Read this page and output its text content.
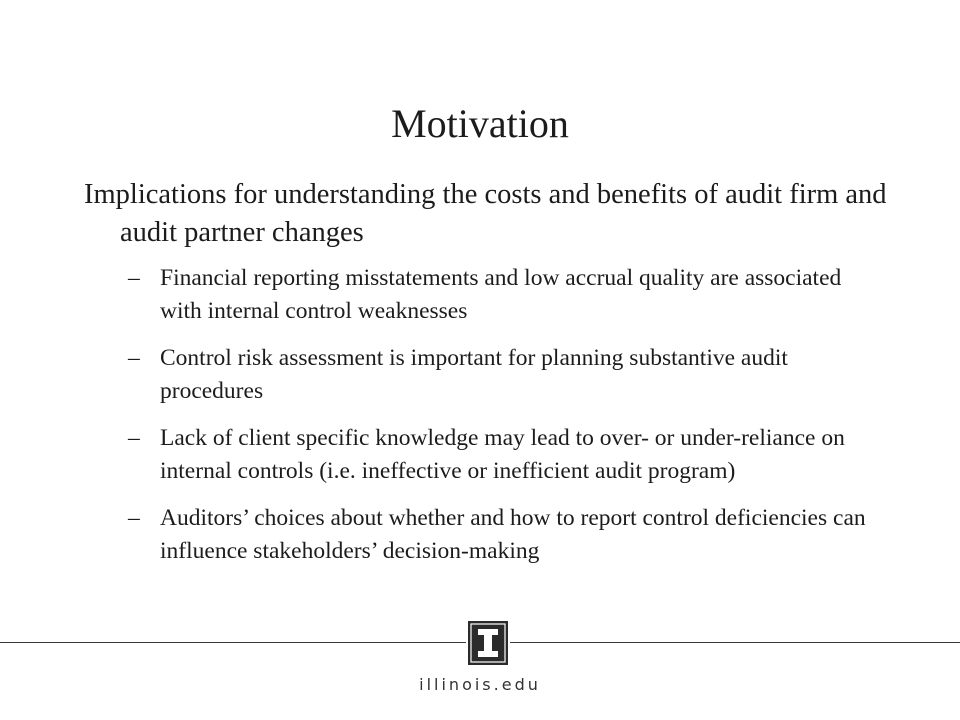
Motivation
Implications for understanding the costs and benefits of audit firm and audit partner changes
– Financial reporting misstatements and low accrual quality are associated with internal control weaknesses
– Control risk assessment is important for planning substantive audit procedures
– Lack of client specific knowledge may lead to over- or under-reliance on internal controls (i.e. ineffective or inefficient audit program)
– Auditors’ choices about whether and how to report control deficiencies can influence stakeholders’ decision-making
illinois.edu
